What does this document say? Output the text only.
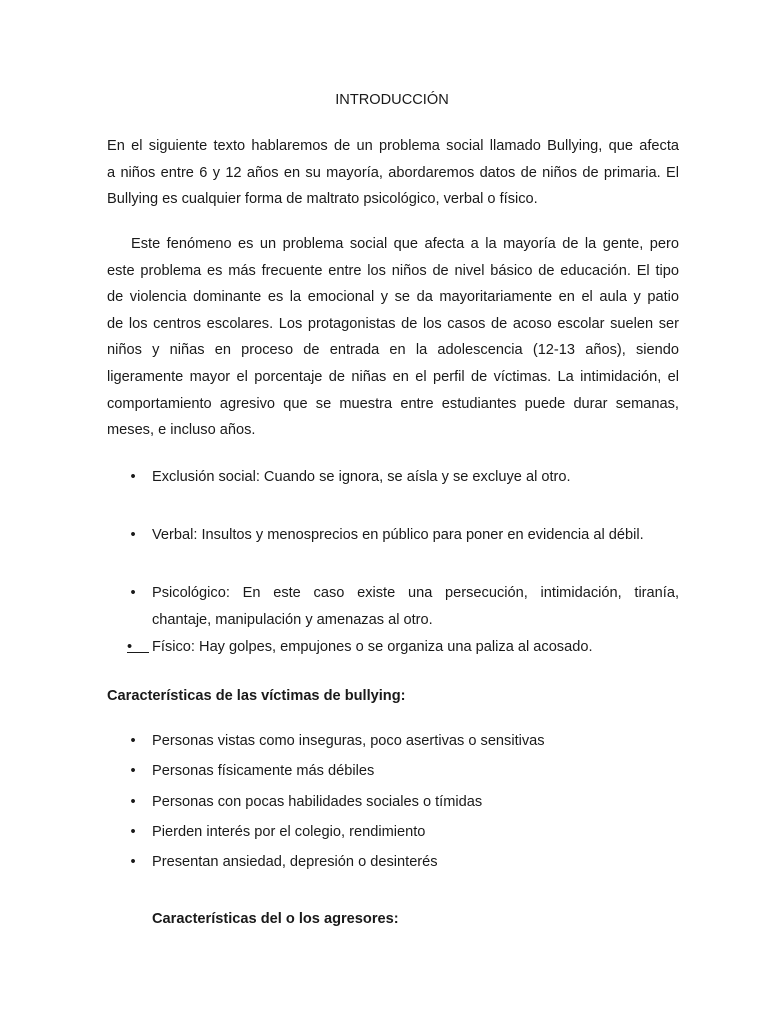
INTRODUCCIÓN
En el siguiente texto hablaremos de un problema social llamado Bullying, que afecta
a niños entre 6 y 12 años en su mayoría, abordaremos datos de niños de primaria. El
Bullying es cualquier forma de maltrato psicológico, verbal o físico.
Este fenómeno es un problema social que afecta a la mayoría de la gente, pero
este problema es más frecuente entre los niños de nivel básico de educación. El tipo
de violencia dominante es la emocional y se da mayoritariamente en el aula y patio
de los centros escolares. Los protagonistas de los casos de acoso escolar suelen ser
niños y niñas en proceso de entrada en la adolescencia (12-13 años), siendo
ligeramente mayor el porcentaje de niñas en el perfil de víctimas. La intimidación, el
comportamiento agresivo que se muestra entre estudiantes puede durar semanas,
meses, e incluso años.
• Exclusión social: Cuando se ignora, se aísla y se excluye al otro.
• Verbal: Insultos y menosprecios en público para poner en evidencia al débil.
• Psicológico: En este caso existe una persecución, intimidación, tiranía,
chantaje, manipulación y amenazas al otro.
•	Físico: Hay golpes, empujones o se organiza una paliza al acosado.
Características de las víctimas de bullying:
• Personas vistas como inseguras, poco asertivas o sensitivas
• Personas físicamente más débiles
• Personas con pocas habilidades sociales o tímidas
• Pierden interés por el colegio, rendimiento
• Presentan ansiedad, depresión o desinterés
Características del o los agresores:
